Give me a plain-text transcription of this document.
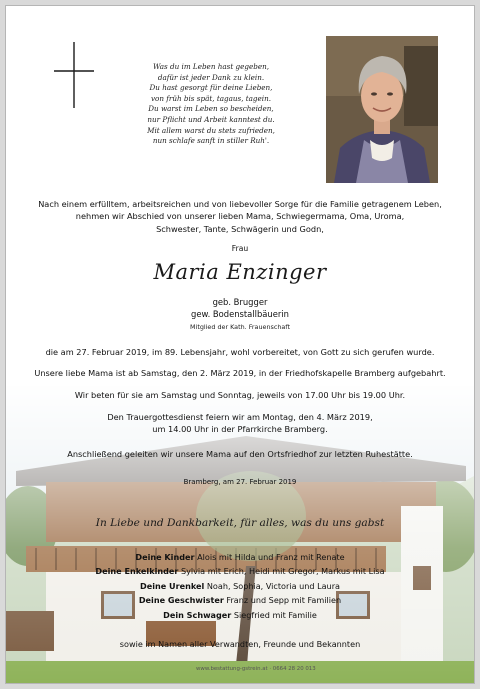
Was du im Leben hast gegeben,
dafür ist jeder Dank zu klein.
Du hast gesorgt für deine Lieben,
von früh bis spät, tagaus, tagein.
Du warst im Leben so bescheiden,
nur Pflicht und Arbeit kanntest du.
Mit allem warst du stets zufrieden,
nun schlafe sanft in stiller Ruh'.
Nach einem erfülltem, arbeitsreichen und von liebevoller Sorge für die Familie getragenem Leben,
nehmen wir Abschied von unserer lieben Mama, Schwiegermama, Oma, Uroma,
Schwester, Tante, Schwägerin und Godn,
Frau
Maria Enzinger
geb. Brugger
gew. Bodenstallbäuerin
Mitglied der Kath. Frauenschaft
die am 27. Februar 2019, im 89. Lebensjahr, wohl vorbereitet, von Gott zu sich gerufen wurde.
Unsere liebe Mama ist ab Samstag, den 2. März 2019, in der Friedhofskapelle Bramberg aufgebahrt.
Wir beten für sie am Samstag und Sonntag, jeweils von 17.00 Uhr bis 19.00 Uhr.
Den Trauergottesdienst feiern wir am Montag, den 4. März 2019,
um 14.00 Uhr in der Pfarrkirche Bramberg.
Anschließend geleiten wir unsere Mama auf den Ortsfriedhof zur letzten Ruhestätte.
Bramberg, am 27. Februar 2019
In Liebe und Dankbarkeit, für alles, was du uns gabst
Deine Kinder Alois mit Hilda und Franz mit Renate
Deine Enkelkinder Sylvia mit Erich, Heidi mit Gregor, Markus mit Lisa
Deine Urenkel Noah, Sophia, Victoria und Laura
Deine Geschwister Franz und Sepp mit Familien
Dein Schwager Siegfried mit Familie
sowie im Namen aller Verwandten, Freunde und Bekannten
www.bestattung-gstrein.at · 0664 28 20 013
